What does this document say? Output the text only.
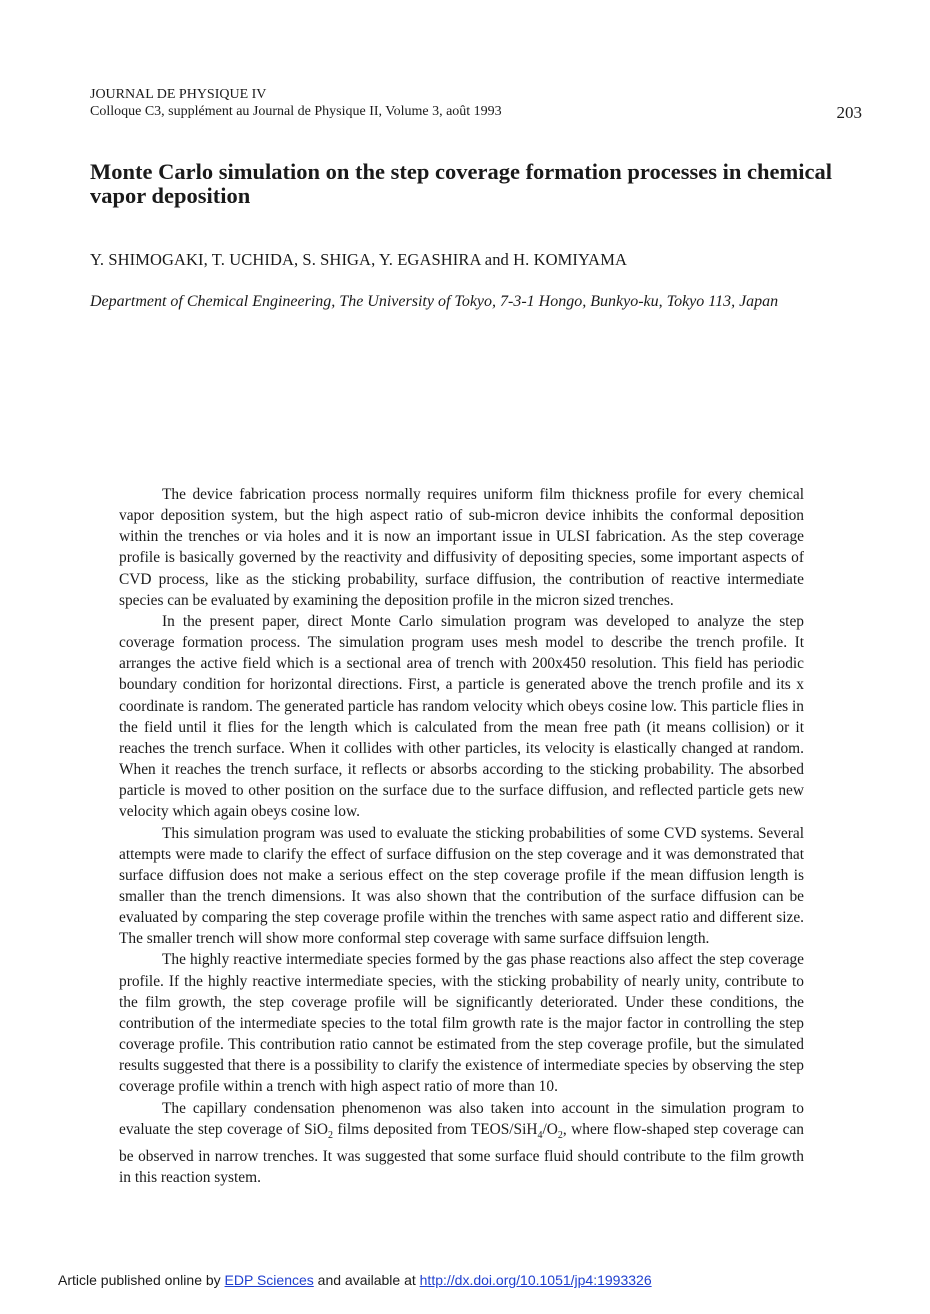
JOURNAL DE PHYSIQUE IV
Colloque C3, supplément au Journal de Physique II, Volume 3, août 1993	203
Monte Carlo simulation on the step coverage formation processes in chemical vapor deposition
Y. SHIMOGAKI, T. UCHIDA, S. SHIGA, Y. EGASHIRA and H. KOMIYAMA
Department of Chemical Engineering, The University of Tokyo, 7-3-1 Hongo, Bunkyo-ku, Tokyo 113, Japan

The device fabrication process normally requires uniform film thickness profile for every chemical vapor deposition system, but the high aspect ratio of sub-micron device inhibits the conformal deposition within the trenches or via holes and it is now an important issue in ULSI fabrication. As the step coverage profile is basically governed by the reactivity and diffusivity of depositing species, some important aspects of CVD process, like as the sticking probability, surface diffusion, the contribution of reactive intermediate species can be evaluated by examining the deposition profile in the micron sized trenches.

In the present paper, direct Monte Carlo simulation program was developed to analyze the step coverage formation process. The simulation program uses mesh model to describe the trench profile. It arranges the active field which is a sectional area of trench with 200x450 resolution. This field has periodic boundary condition for horizontal directions. First, a particle is generated above the trench profile and its x coordinate is random. The generated particle has random velocity which obeys cosine low. This particle flies in the field until it flies for the length which is calculated from the mean free path (it means collision) or it reaches the trench surface. When it collides with other particles, its velocity is elastically changed at random. When it reaches the trench surface, it reflects or absorbs according to the sticking probability. The absorbed particle is moved to other position on the surface due to the surface diffusion, and reflected particle gets new velocity which again obeys cosine low.

This simulation program was used to evaluate the sticking probabilities of some CVD systems. Several attempts were made to clarify the effect of surface diffusion on the step coverage and it was demonstrated that surface diffusion does not make a serious effect on the step coverage profile if the mean diffusion length is smaller than the trench dimensions. It was also shown that the contribution of the surface diffusion can be evaluated by comparing the step coverage profile within the trenches with same aspect ratio and different size. The smaller trench will show more conformal step coverage with same surface diffsuion length.

The highly reactive intermediate species formed by the gas phase reactions also affect the step coverage profile. If the highly reactive intermediate species, with the sticking probability of nearly unity, contribute to the film growth, the step coverage profile will be significantly deteriorated. Under these conditions, the contribution of the intermediate species to the total film growth rate is the major factor in controlling the step coverage profile. This contribution ratio cannot be estimated from the step coverage profile, but the simulated results suggested that there is a possibility to clarify the existence of intermediate species by observing the step coverage profile within a trench with high aspect ratio of more than 10.

The capillary condensation phenomenon was also taken into account in the simulation program to evaluate the step coverage of SiO$_2$ films deposited from TEOS/$SiH_4/O_2$, where flow-shaped step coverage can be observed in narrow trenches. It was suggested that some surface fluid should contribute to the film growth in this reaction system.

Article published online by EDP Sciences and available at http://dx.doi.org/10.1051/jp4:1993326
